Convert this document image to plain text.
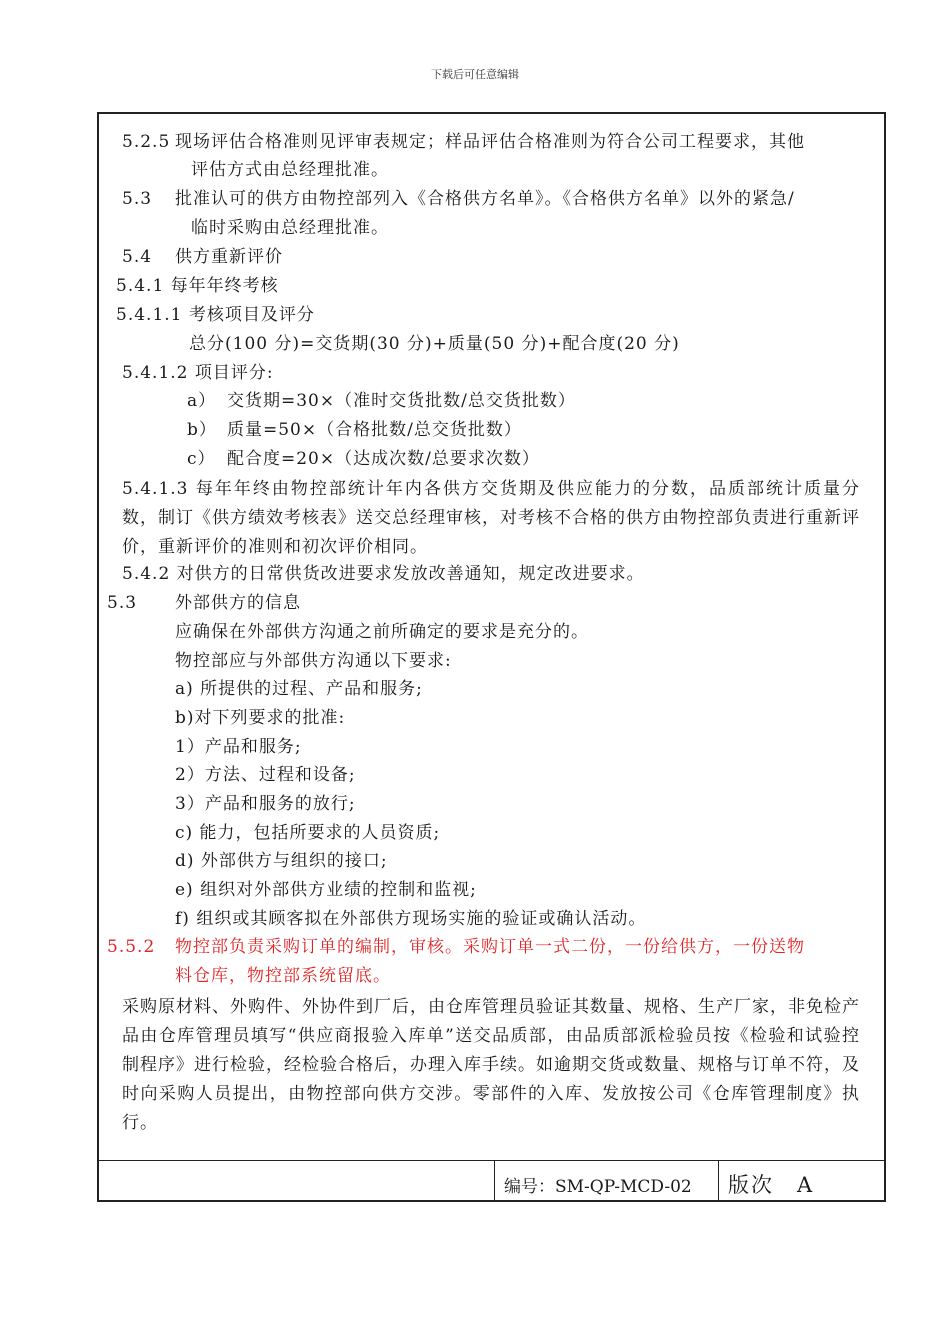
下载后可任意编辑
5.2.5 现场评估合格准则见评审表规定；样品评估合格准则为符合公司工程要求，其他
评估方式由总经理批准。
5.3 批准认可的供方由物控部列入《合格供方名单》。《合格供方名单》以外的紧急/
临时采购由总经理批准。
5.4 供方重新评价
5.4.1 每年年终考核
5.4.1.1 考核项目及评分
总分(100 分)=交货期(30 分)+质量(50 分)+配合度(20 分)
5.4.1.2 项目评分:
a） 交货期=30×（准时交货批数/总交货批数）
b） 质量=50×（合格批数/总交货批数）
c） 配合度=20×（达成次数/总要求次数）
5.4.1.3 每年年终由物控部统计年内各供方交货期及供应能力的分数，品质部统计质量分数，制订《供方绩效考核表》送交总经理审核，对考核不合格的供方由物控部负责进行重新评价，重新评价的准则和初次评价相同。
5.4.2 对供方的日常供货改进要求发放改善通知，规定改进要求。
5.3 外部供方的信息
应确保在外部供方沟通之前所确定的要求是充分的。
物控部应与外部供方沟通以下要求:
a) 所提供的过程、产品和服务;
b)对下列要求的批准:
1）产品和服务;
2）方法、过程和设备;
3）产品和服务的放行;
c) 能力，包括所要求的人员资质;
d) 外部供方与组织的接口;
e) 组织对外部供方业绩的控制和监视;
f) 组织或其顾客拟在外部供方现场实施的验证或确认活动。
5.5.2 物控部负责采购订单的编制，审核。采购订单一式二份，一份给供方，一份送物
料仓库，物控部系统留底。
采购原材料、外购件、外协件到厂后，由仓库管理员验证其数量、规格、生产厂家，非免检产品由仓库管理员填写“供应商报验入库单”送交品质部，由品质部派检验员按《检验和试验控制程序》进行检验，经检验合格后，办理入库手续。如逾期交货或数量、规格与订单不符，及时向采购人员提出，由物控部向供方交涉。零部件的入库、发放按公司《仓库管理制度》执行。
编号：SM-QP-MCD-02 版次　A
